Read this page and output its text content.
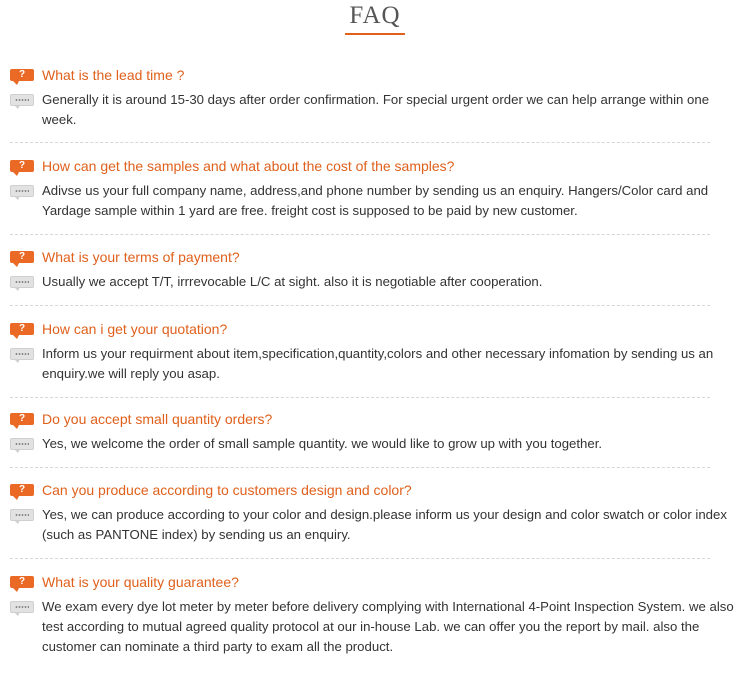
FAQ
?	What is the lead time ?
Generally it is around 15-30 days after order confirmation. For special urgent order we can help arrange within one week.
?	How can get the samples and what about the cost of the samples?
Adivse us your full company name, address,and phone number by sending us an enquiry. Hangers/Color card and Yardage sample within 1 yard are free. freight cost is supposed to be paid by new customer.
?	What is your terms of payment?
Usually we accept T/T, irrrevocable L/C at sight. also it is negotiable after cooperation.
?	How can i get your quotation?
Inform us your requirment about item,specification,quantity,colors and other necessary infomation by sending us an enquiry.we will reply you asap.
?	Do you accept small quantity orders?
Yes, we welcome the order of small sample quantity. we would like to grow up with you together.
?	Can you produce according to customers design and color?
Yes, we can produce according to your color and design.please inform us your design and color swatch or color index (such as PANTONE index) by sending us an enquiry.
?	What is your quality guarantee?
We exam every dye lot meter by meter before delivery complying with International 4-Point Inspection System. we also test according to mutual agreed quality protocol at our in-house Lab. we can offer you the report by mail. also the customer can nominate a third party to exam all the product.
